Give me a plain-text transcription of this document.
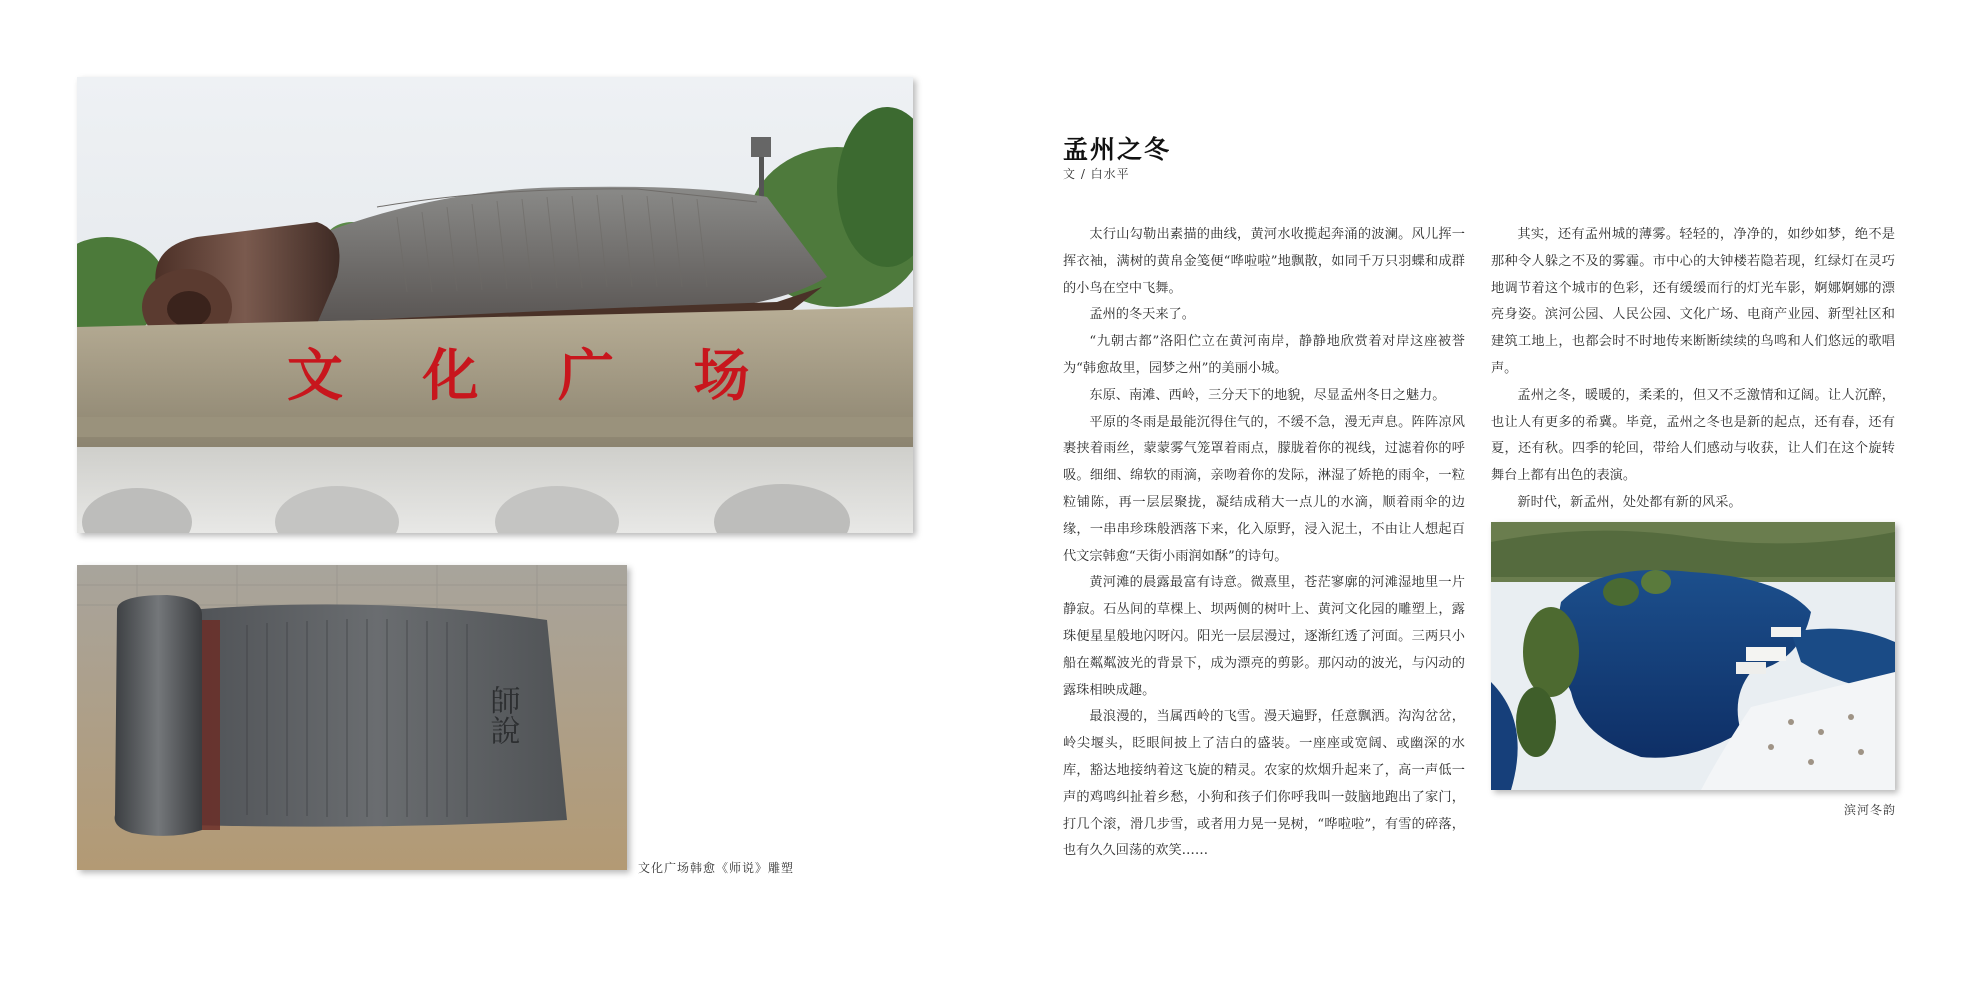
文 化 广 场
師說
文化广场韩愈《师说》雕塑
孟州之冬
文 / 白水平

太行山勾勒出素描的曲线，黄河水收揽起奔涌的波澜。风儿挥一挥衣袖，满树的黄帛金笺便“哗啦啦”地飘散，如同千万只羽蝶和成群的小鸟在空中飞舞。

孟州的冬天来了。

“九朝古都”洛阳伫立在黄河南岸，静静地欣赏着对岸这座被誉为“韩愈故里，园梦之州”的美丽小城。

东原、南滩、西岭，三分天下的地貌，尽显孟州冬日之魅力。

平原的冬雨是最能沉得住气的，不缓不急，漫无声息。阵阵凉风裹挟着雨丝，蒙蒙雾气笼罩着雨点，朦胧着你的视线，过滤着你的呼吸。细细、绵软的雨滴，亲吻着你的发际，淋湿了娇艳的雨伞，一粒粒铺陈，再一层层聚拢，凝结成稍大一点儿的水滴，顺着雨伞的边缘，一串串珍珠般洒落下来，化入原野，浸入泥土，不由让人想起百代文宗韩愈“天街小雨润如酥”的诗句。

黄河滩的晨露最富有诗意。微熹里，苍茫寥廓的河滩湿地里一片静寂。石丛间的草棵上、坝两侧的树叶上、黄河文化园的雕塑上，露珠便星星般地闪呀闪。阳光一层层漫过，逐渐红透了河面。三两只小船在粼粼波光的背景下，成为漂亮的剪影。那闪动的波光，与闪动的露珠相映成趣。

最浪漫的，当属西岭的飞雪。漫天遍野，任意飘洒。沟沟岔岔，岭尖堰头，眨眼间披上了洁白的盛装。一座座或宽阔、或幽深的水库，豁达地接纳着这飞旋的精灵。农家的炊烟升起来了，高一声低一声的鸡鸣纠扯着乡愁，小狗和孩子们你呼我叫一鼓脑地跑出了家门，打几个滚，滑几步雪，或者用力晃一晃树，“哗啦啦”，有雪的碎落，也有久久回荡的欢笑……

其实，还有孟州城的薄雾。轻轻的，净净的，如纱如梦，绝不是那种令人躲之不及的雾霾。市中心的大钟楼若隐若现，红绿灯在灵巧地调节着这个城市的色彩，还有缓缓而行的灯光车影，婀娜婀娜的漂亮身姿。滨河公园、人民公园、文化广场、电商产业园、新型社区和建筑工地上，也都会时不时地传来断断续续的鸟鸣和人们悠远的歌唱声。

孟州之冬，暖暖的，柔柔的，但又不乏激情和辽阔。让人沉醉，也让人有更多的希冀。毕竟，孟州之冬也是新的起点，还有春，还有夏，还有秋。四季的轮回，带给人们感动与收获，让人们在这个旋转舞台上都有出色的表演。

新时代，新孟州，处处都有新的风采。

滨河冬韵
